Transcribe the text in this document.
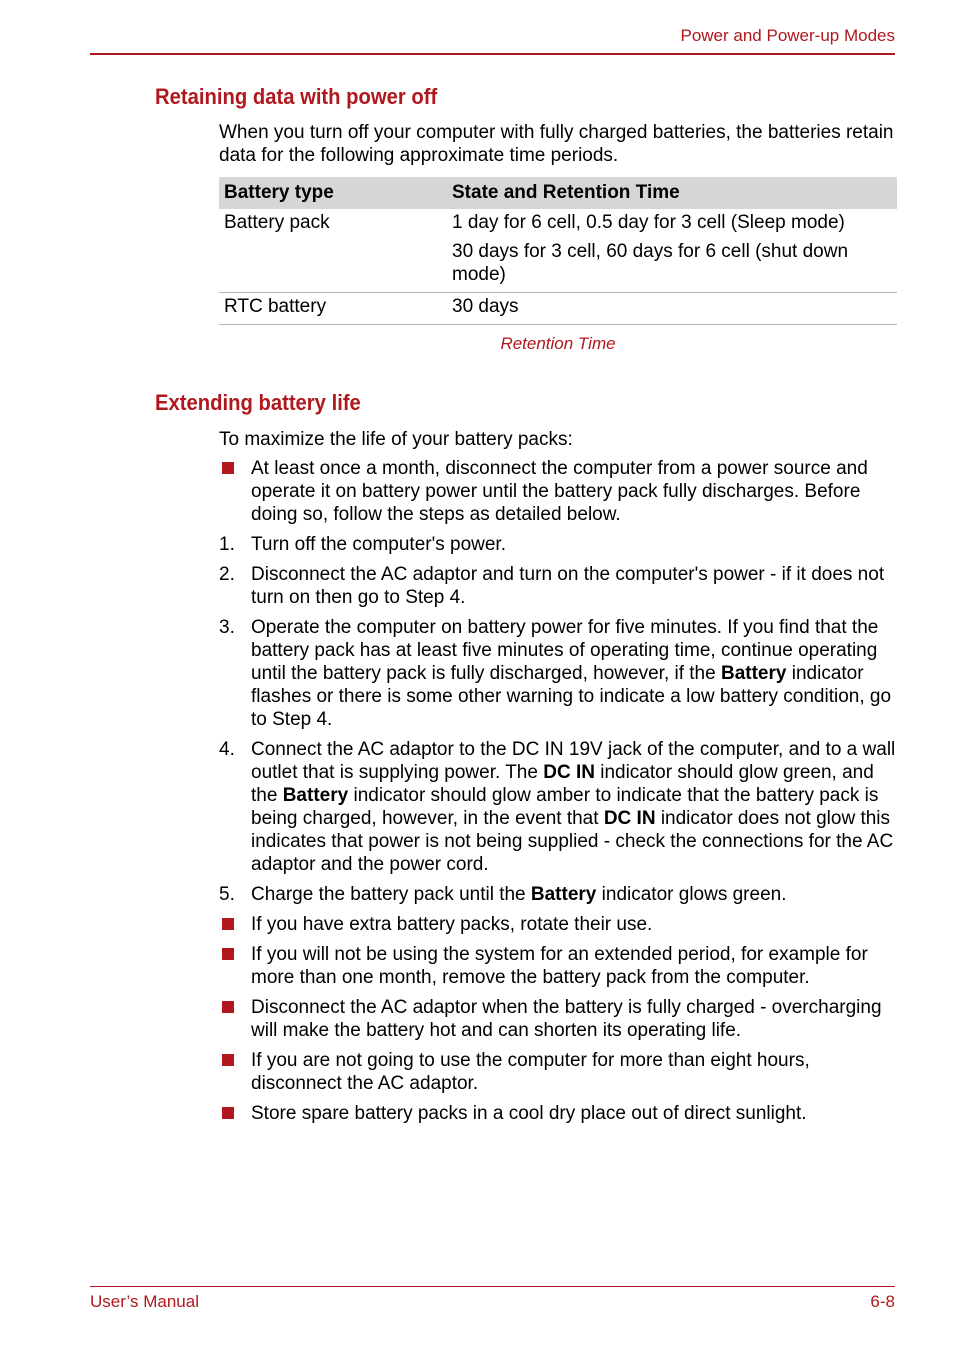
Power and Power-up Modes
Retaining data with power off

When you turn off your computer with fully charged batteries, the batteries retain data for the following approximate time periods.

Battery type	State and Retention Time
Battery pack	1 day for 6 cell, 0.5 day for 3 cell (Sleep mode)

30 days for 3 cell, 60 days for 6 cell (shut down mode)

RTC battery	30 days

Retention Time
Extending battery life

To maximize the life of your battery packs:

At least once a month, disconnect the computer from a power source and operate it on battery power until the battery pack fully discharges. Before doing so, follow the steps as detailed below.
1. Turn off the computer's power.
2. Disconnect the AC adaptor and turn on the computer's power - if it does not turn on then go to Step 4.
3. Operate the computer on battery power for five minutes. If you find that the battery pack has at least five minutes of operating time, continue operating until the battery pack is fully discharged, however, if the Battery indicator flashes or there is some other warning to indicate a low battery condition, go to Step 4.
4. Connect the AC adaptor to the DC IN 19V jack of the computer, and to a wall outlet that is supplying power. The DC IN indicator should glow green, and the Battery indicator should glow amber to indicate that the battery pack is being charged, however, in the event that DC IN indicator does not glow this indicates that power is not being supplied - check the connections for the AC adaptor and the power cord.
5. Charge the battery pack until the Battery indicator glows green.
If you have extra battery packs, rotate their use.
If you will not be using the system for an extended period, for example for more than one month, remove the battery pack from the computer.
Disconnect the AC adaptor when the battery is fully charged - overcharging will make the battery hot and can shorten its operating life.
If you are not going to use the computer for more than eight hours, disconnect the AC adaptor.
Store spare battery packs in a cool dry place out of direct sunlight.
User’s Manual	6-8
